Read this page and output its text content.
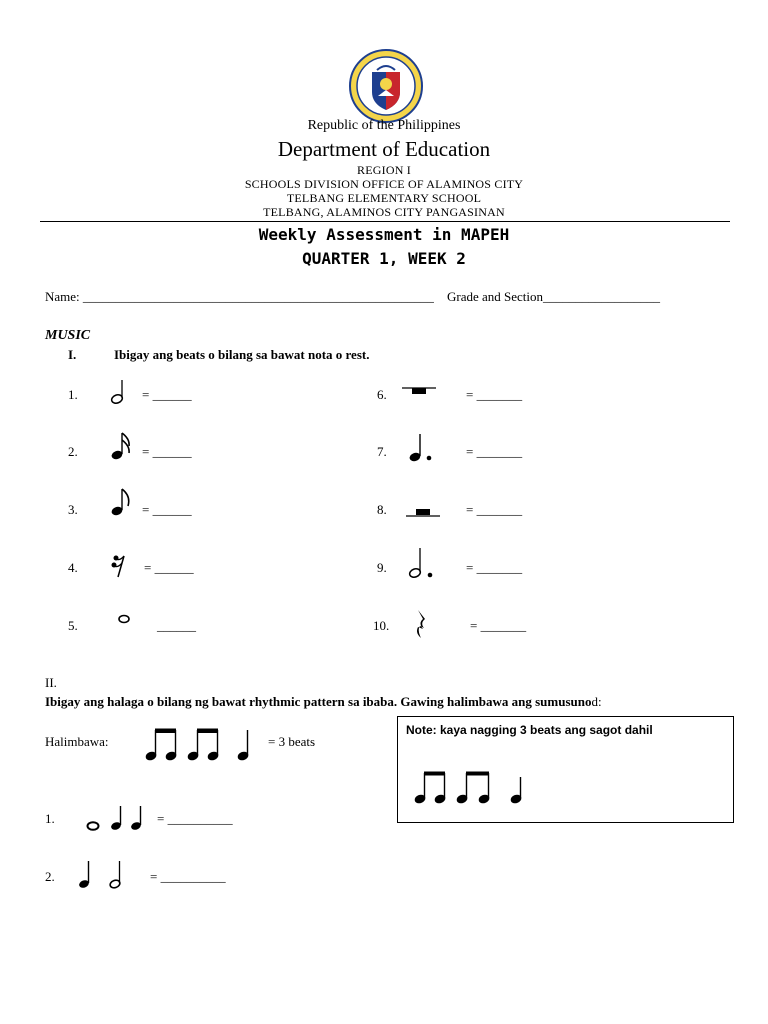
Republic of the Philippines
Department of Education
REGION I
SCHOOLS DIVISION OFFICE OF ALAMINOS CITY
TELBANG ELEMENTARY SCHOOL
TELBANG, ALAMINOS CITY PANGASINAN
Weekly Assessment in MAPEH
QUARTER 1, WEEK 2
Name: ______________________________________________________ Grade and Section__________________
MUSIC
I.	Ibigay ang beats o bilang sa bawat nota o rest.
1.	= ______
2.	= ______
3.	= ______
4.	= ______
5.	______
6.	= _______
7.	= _______
8.	= _______
9.	= _______
10.	= _______
II.
Ibigay ang halaga o bilang ng bawat rhythmic pattern sa ibaba. Gawing halimbawa ang sumusunod:
Halimbawa:	= 3 beats
Note: kaya nagging 3 beats ang sagot dahil
1.	= __________
2.	= __________
